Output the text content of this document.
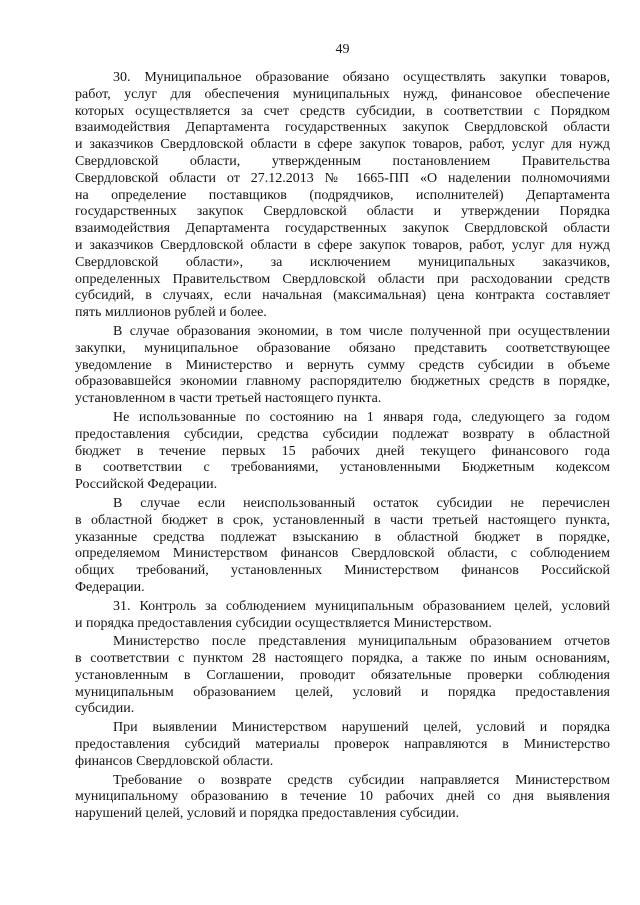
49
30. Муниципальное образование обязано осуществлять закупки товаров,
работ, услуг для обеспечения муниципальных нужд, финансовое обеспечение
которых осуществляется за счет средств субсидии, в соответствии с Порядком
взаимодействия Департамента государственных закупок Свердловской области
и заказчиков Свердловской области в сфере закупок товаров, работ, услуг для нужд
Свердловской области, утвержденным постановлением Правительства
Свердловской области от 27.12.2013 № 1665-ПП «О наделении полномочиями
на определение поставщиков (подрядчиков, исполнителей) Департамента
государственных закупок Свердловской области и утверждении Порядка
взаимодействия Департамента государственных закупок Свердловской области
и заказчиков Свердловской области в сфере закупок товаров, работ, услуг для нужд
Свердловской области», за исключением муниципальных заказчиков,
определенных Правительством Свердловской области при расходовании средств
субсидий, в случаях, если начальная (максимальная) цена контракта составляет
пять миллионов рублей и более.
В случае образования экономии, в том числе полученной при осуществлении
закупки, муниципальное образование обязано представить соответствующее
уведомление в Министерство и вернуть сумму средств субсидии в объеме
образовавшейся экономии главному распорядителю бюджетных средств в порядке,
установленном в части третьей настоящего пункта.
Не использованные по состоянию на 1 января года, следующего за годом
предоставления субсидии, средства субсидии подлежат возврату в областной
бюджет в течение первых 15 рабочих дней текущего финансового года
в соответствии с требованиями, установленными Бюджетным кодексом
Российской Федерации.
В случае если неиспользованный остаток субсидии не перечислен
в областной бюджет в срок, установленный в части третьей настоящего пункта,
указанные средства подлежат взысканию в областной бюджет в порядке,
определяемом Министерством финансов Свердловской области, с соблюдением
общих требований, установленных Министерством финансов Российской
Федерации.
31. Контроль за соблюдением муниципальным образованием целей, условий
и порядка предоставления субсидии осуществляется Министерством.
Министерство после представления муниципальным образованием отчетов
в соответствии с пунктом 28 настоящего порядка, а также по иным основаниям,
установленным в Соглашении, проводит обязательные проверки соблюдения
муниципальным образованием целей, условий и порядка предоставления
субсидии.
При выявлении Министерством нарушений целей, условий и порядка
предоставления субсидий материалы проверок направляются в Министерство
финансов Свердловской области.
Требование о возврате средств субсидии направляется Министерством
муниципальному образованию в течение 10 рабочих дней со дня выявления
нарушений целей, условий и порядка предоставления субсидии.
